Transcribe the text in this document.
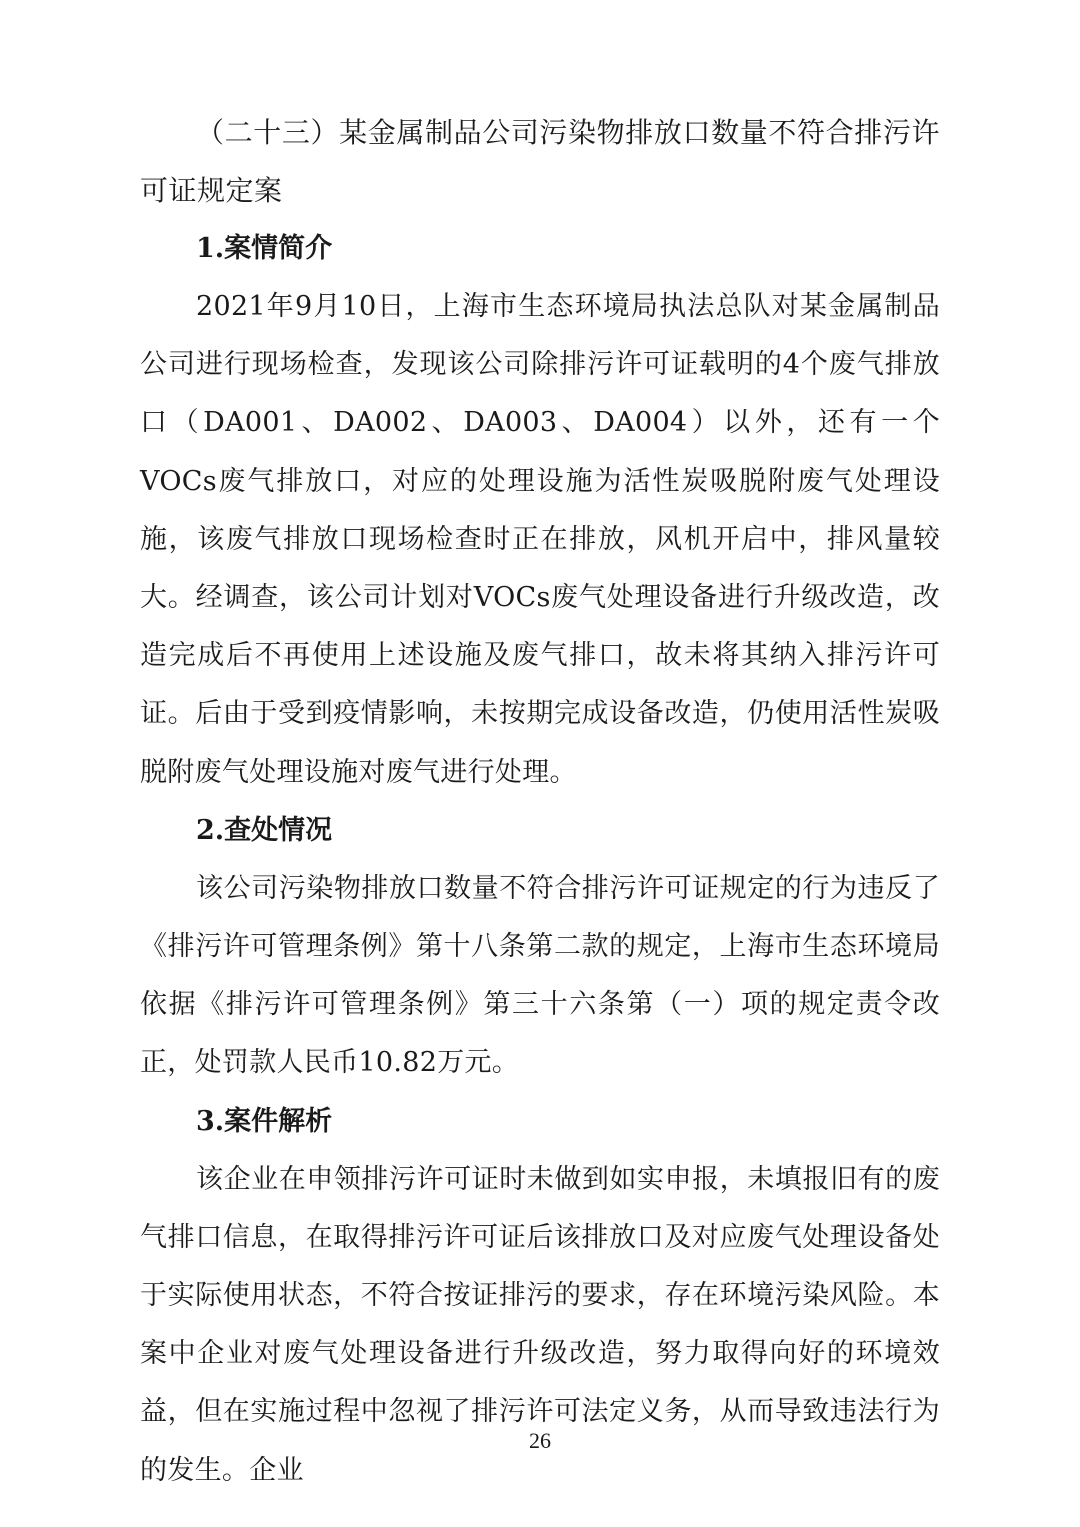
（二十三）某金属制品公司污染物排放口数量不符合排污许可证规定案

1.案情简介

2021年9月10日，上海市生态环境局执法总队对某金属制品公司进行现场检查，发现该公司除排污许可证载明的4个废气排放口（DA001、DA002、DA003、DA004）以外，还有一个VOCs废气排放口，对应的处理设施为活性炭吸脱附废气处理设施，该废气排放口现场检查时正在排放，风机开启中，排风量较大。经调查，该公司计划对VOCs废气处理设备进行升级改造，改造完成后不再使用上述设施及废气排口，故未将其纳入排污许可证。后由于受到疫情影响，未按期完成设备改造，仍使用活性炭吸脱附废气处理设施对废气进行处理。

2.查处情况

该公司污染物排放口数量不符合排污许可证规定的行为违反了《排污许可管理条例》第十八条第二款的规定，上海市生态环境局依据《排污许可管理条例》第三十六条第（一）项的规定责令改正，处罚款人民币10.82万元。

3.案件解析

该企业在申领排污许可证时未做到如实申报，未填报旧有的废气排口信息，在取得排污许可证后该排放口及对应废气处理设备处于实际使用状态，不符合按证排污的要求，存在环境污染风险。本案中企业对废气处理设备进行升级改造，努力取得向好的环境效益，但在实施过程中忽视了排污许可法定义务，从而导致违法行为的发生。企业

26
